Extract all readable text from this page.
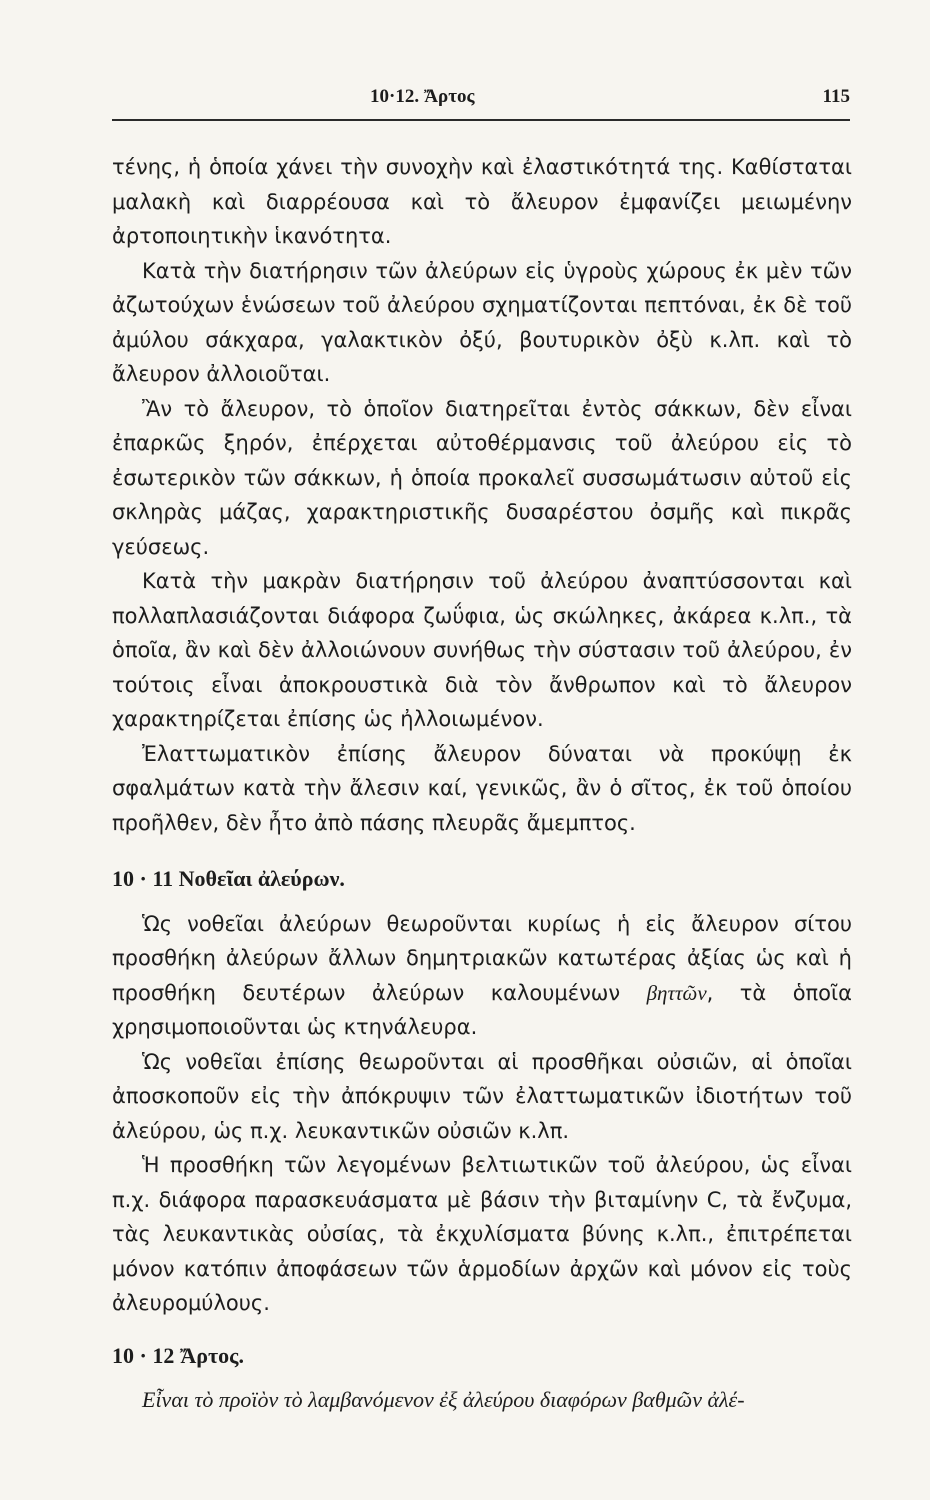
10·12. Ἄρτος	115

τένης, ἡ ὁποία χάνει τὴν συνοχὴν καὶ ἐλαστικότητά της. Καθίσταται μαλακὴ καὶ διαρρέουσα καὶ τὸ ἄλευρον ἐμφανίζει μειωμένην ἀρτοποιητικὴν ἱκανότητα.

Κατὰ τὴν διατήρησιν τῶν ἀλεύρων εἰς ὑγροὺς χώρους ἐκ μὲν τῶν ἀζωτούχων ἑνώσεων τοῦ ἀλεύρου σχηματίζονται πεπτόναι, ἐκ δὲ τοῦ ἀμύλου σάκχαρα, γαλακτικὸν ὀξύ, βουτυρικὸν ὀξὺ κ.λπ. καὶ τὸ ἄλευρον ἀλλοιοῦται.

Ἂν τὸ ἄλευρον, τὸ ὁποῖον διατηρεῖται ἐντὸς σάκκων, δὲν εἶναι ἐπαρκῶς ξηρόν, ἐπέρχεται αὐτοθέρμανσις τοῦ ἀλεύρου εἰς τὸ ἐσωτερικὸν τῶν σάκκων, ἡ ὁποία προκαλεῖ συσσωμάτωσιν αὐτοῦ εἰς σκληρὰς μάζας, χαρακτηριστικῆς δυσαρέστου ὀσμῆς καὶ πικρᾶς γεύσεως.

Κατὰ τὴν μακρὰν διατήρησιν τοῦ ἀλεύρου ἀναπτύσσονται καὶ πολλαπλασιάζονται διάφορα ζωΰφια, ὡς σκώληκες, ἀκάρεα κ.λπ., τὰ ὁποῖα, ἂν καὶ δὲν ἀλλοιώνουν συνήθως τὴν σύστασιν τοῦ ἀλεύρου, ἐν τούτοις εἶναι ἀποκρουστικὰ διὰ τὸν ἄνθρωπον καὶ τὸ ἄλευρον χαρακτηρίζεται ἐπίσης ὡς ἠλλοιωμένον.

Ἐλαττωματικὸν ἐπίσης ἄλευρον δύναται νὰ προκύψῃ ἐκ σφαλμάτων κατὰ τὴν ἄλεσιν καί, γενικῶς, ἂν ὁ σῖτος, ἐκ τοῦ ὁποίου προῆλθεν, δὲν ἦτο ἀπὸ πάσης πλευρᾶς ἄμεμπτος.

10 · 11 Νοθεῖαι ἀλεύρων.

Ὡς νοθεῖαι ἀλεύρων θεωροῦνται κυρίως ἡ εἰς ἄλευρον σίτου προσθήκη ἀλεύρων ἄλλων δημητριακῶν κατωτέρας ἀξίας ὡς καὶ ἡ προσθήκη δευτέρων ἀλεύρων καλουμένων βηττῶν, τὰ ὁποῖα χρησιμοποιοῦνται ὡς κτηνάλευρα.

Ὡς νοθεῖαι ἐπίσης θεωροῦνται αἱ προσθῆκαι οὐσιῶν, αἱ ὁποῖαι ἀποσκοποῦν εἰς τὴν ἀπόκρυψιν τῶν ἐλαττωματικῶν ἰδιοτήτων τοῦ ἀλεύρου, ὡς π.χ. λευκαντικῶν οὐσιῶν κ.λπ.

Ἡ προσθήκη τῶν λεγομένων βελτιωτικῶν τοῦ ἀλεύρου, ὡς εἶναι π.χ. διάφορα παρασκευάσματα μὲ βάσιν τὴν βιταμίνην C, τὰ ἔνζυμα, τὰς λευκαντικὰς οὐσίας, τὰ ἐκχυλίσματα βύνης κ.λπ., ἐπιτρέπεται μόνον κατόπιν ἀποφάσεων τῶν ἁρμοδίων ἀρχῶν καὶ μόνον εἰς τοὺς ἀλευρομύλους.

10 · 12 Ἄρτος.

Εἶναι τὸ προϊὸν τὸ λαμβανόμενον ἐξ ἀλεύρου διαφόρων βαθμῶν ἀλέ-
